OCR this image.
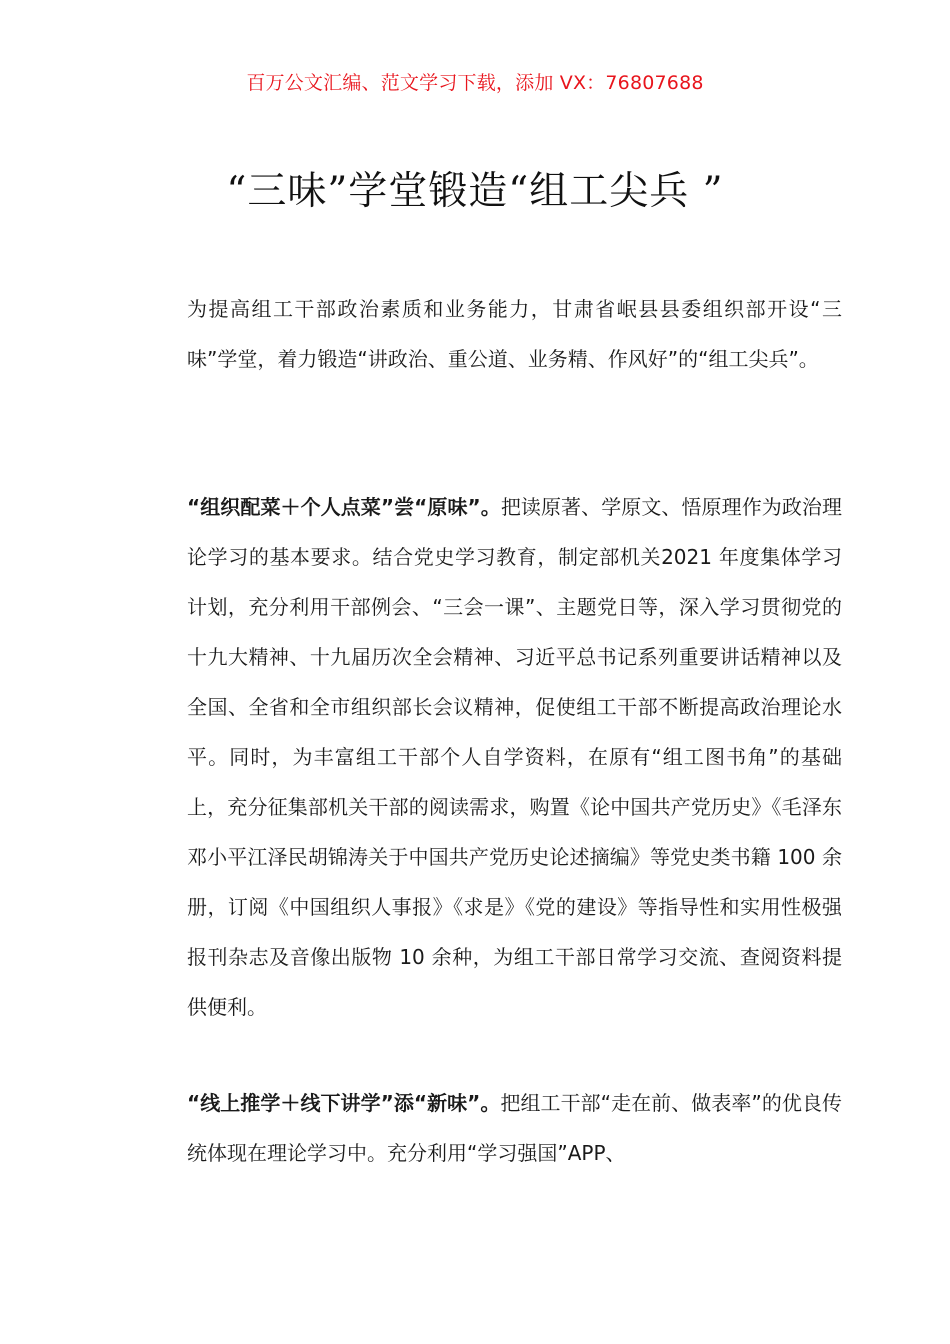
百万公文汇编、范文学习下载，添加 VX：76807688
“三味”学堂锻造“组工尖兵 ”

为提高组工干部政治素质和业务能力，甘肃省岷县县委组织部开设“三味”学堂，着力锻造“讲政治、重公道、业务精、作风好”的“组工尖兵”。

“组织配菜＋个人点菜”尝“原味”。把读原著、学原文、悟原理作为政治理论学习的基本要求。结合党史学习教育，制定部机关2021 年度集体学习计划，充分利用干部例会、“三会一课”、主题党日等，深入学习贯彻党的十九大精神、十九届历次全会精神、习近平总书记系列重要讲话精神以及全国、全省和全市组织部长会议精神，促使组工干部不断提高政治理论水平。同时，为丰富组工干部个人自学资料，在原有“组工图书角”的基础上，充分征集部机关干部的阅读需求，购置《论中国共产党历史》《毛泽东邓小平江泽民胡锦涛关于中国共产党历史论述摘编》等党史类书籍 100 余册，订阅《中国组织人事报》《求是》《党的建设》等指导性和实用性极强报刊杂志及音像出版物 10 余种，为组工干部日常学习交流、查阅资料提供便利。

“线上推学＋线下讲学”添“新味”。把组工干部“走在前、做表率”的优良传统体现在理论学习中。充分利用“学习强国”APP、
